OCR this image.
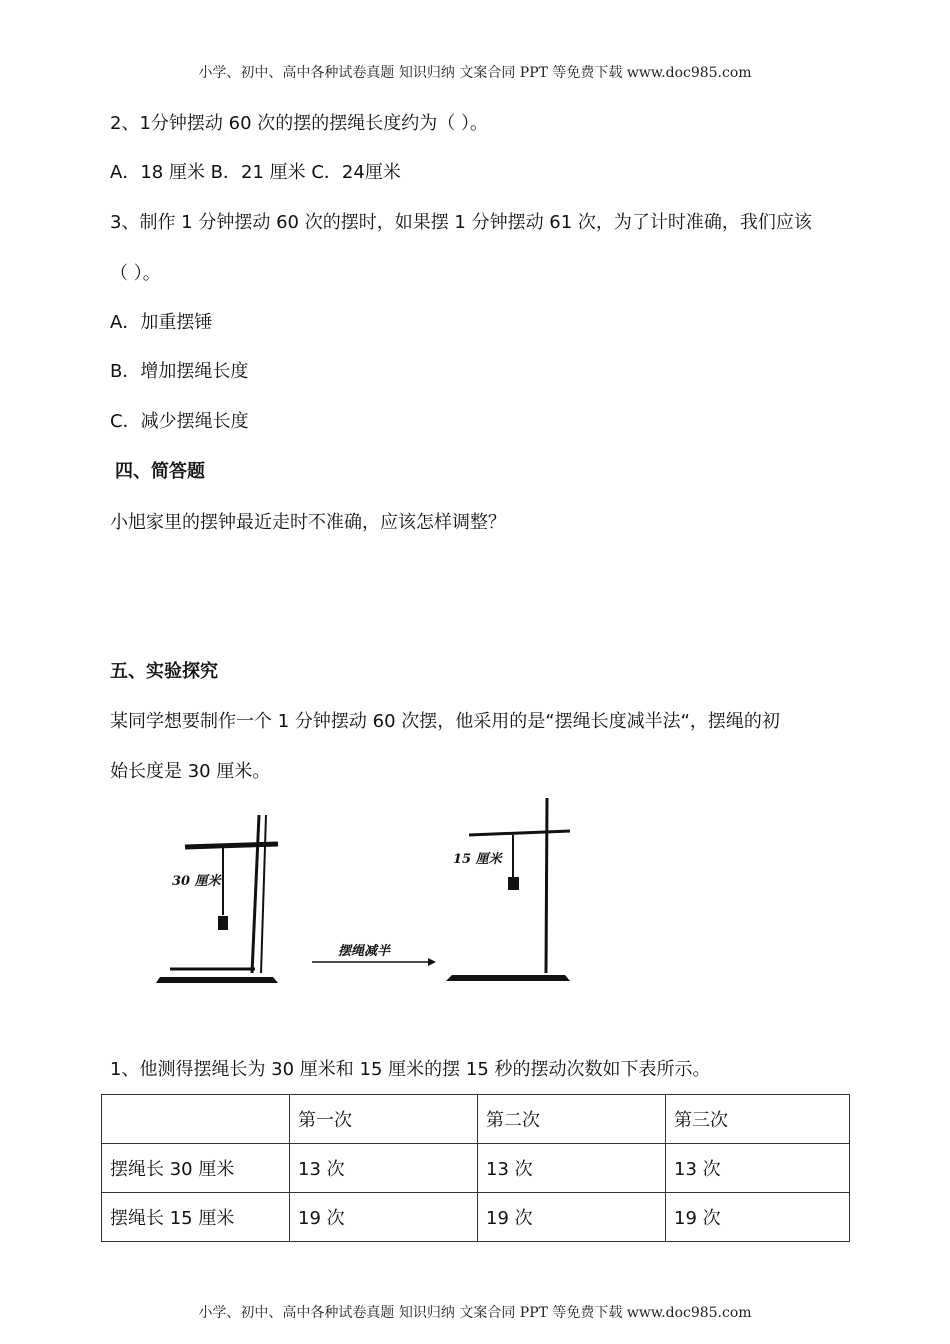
小学、初中、高中各种试卷真题 知识归纳 文案合同 PPT 等免费下载 www.doc985.com
2、1分钟摆动 60 次的摆的摆绳长度约为（ ）。
A．18 厘米 B．21 厘米 C．24厘米
3、制作 1 分钟摆动 60 次的摆时，如果摆 1 分钟摆动 61 次，为了计时准确，我们应该
（ ）。
A．加重摆锤
B．增加摆绳长度
C．减少摆绳长度
四、简答题
小旭家里的摆钟最近走时不准确，应该怎样调整？
五、实验探究
某同学想要制作一个 1 分钟摆动 60 次摆，他采用的是“摆绳长度减半法“，摆绳的初
始长度是 30 厘米。
30 厘米
摆绳减半
15 厘米
1、他测得摆绳长为 30 厘米和 15 厘米的摆 15 秒的摆动次数如下表所示。
	第一次	第二次	第三次
摆绳长 30 厘米	13 次	13 次	13 次
摆绳长 15 厘米	19 次	19 次	19 次
小学、初中、高中各种试卷真题 知识归纳 文案合同 PPT 等免费下载 www.doc985.com
